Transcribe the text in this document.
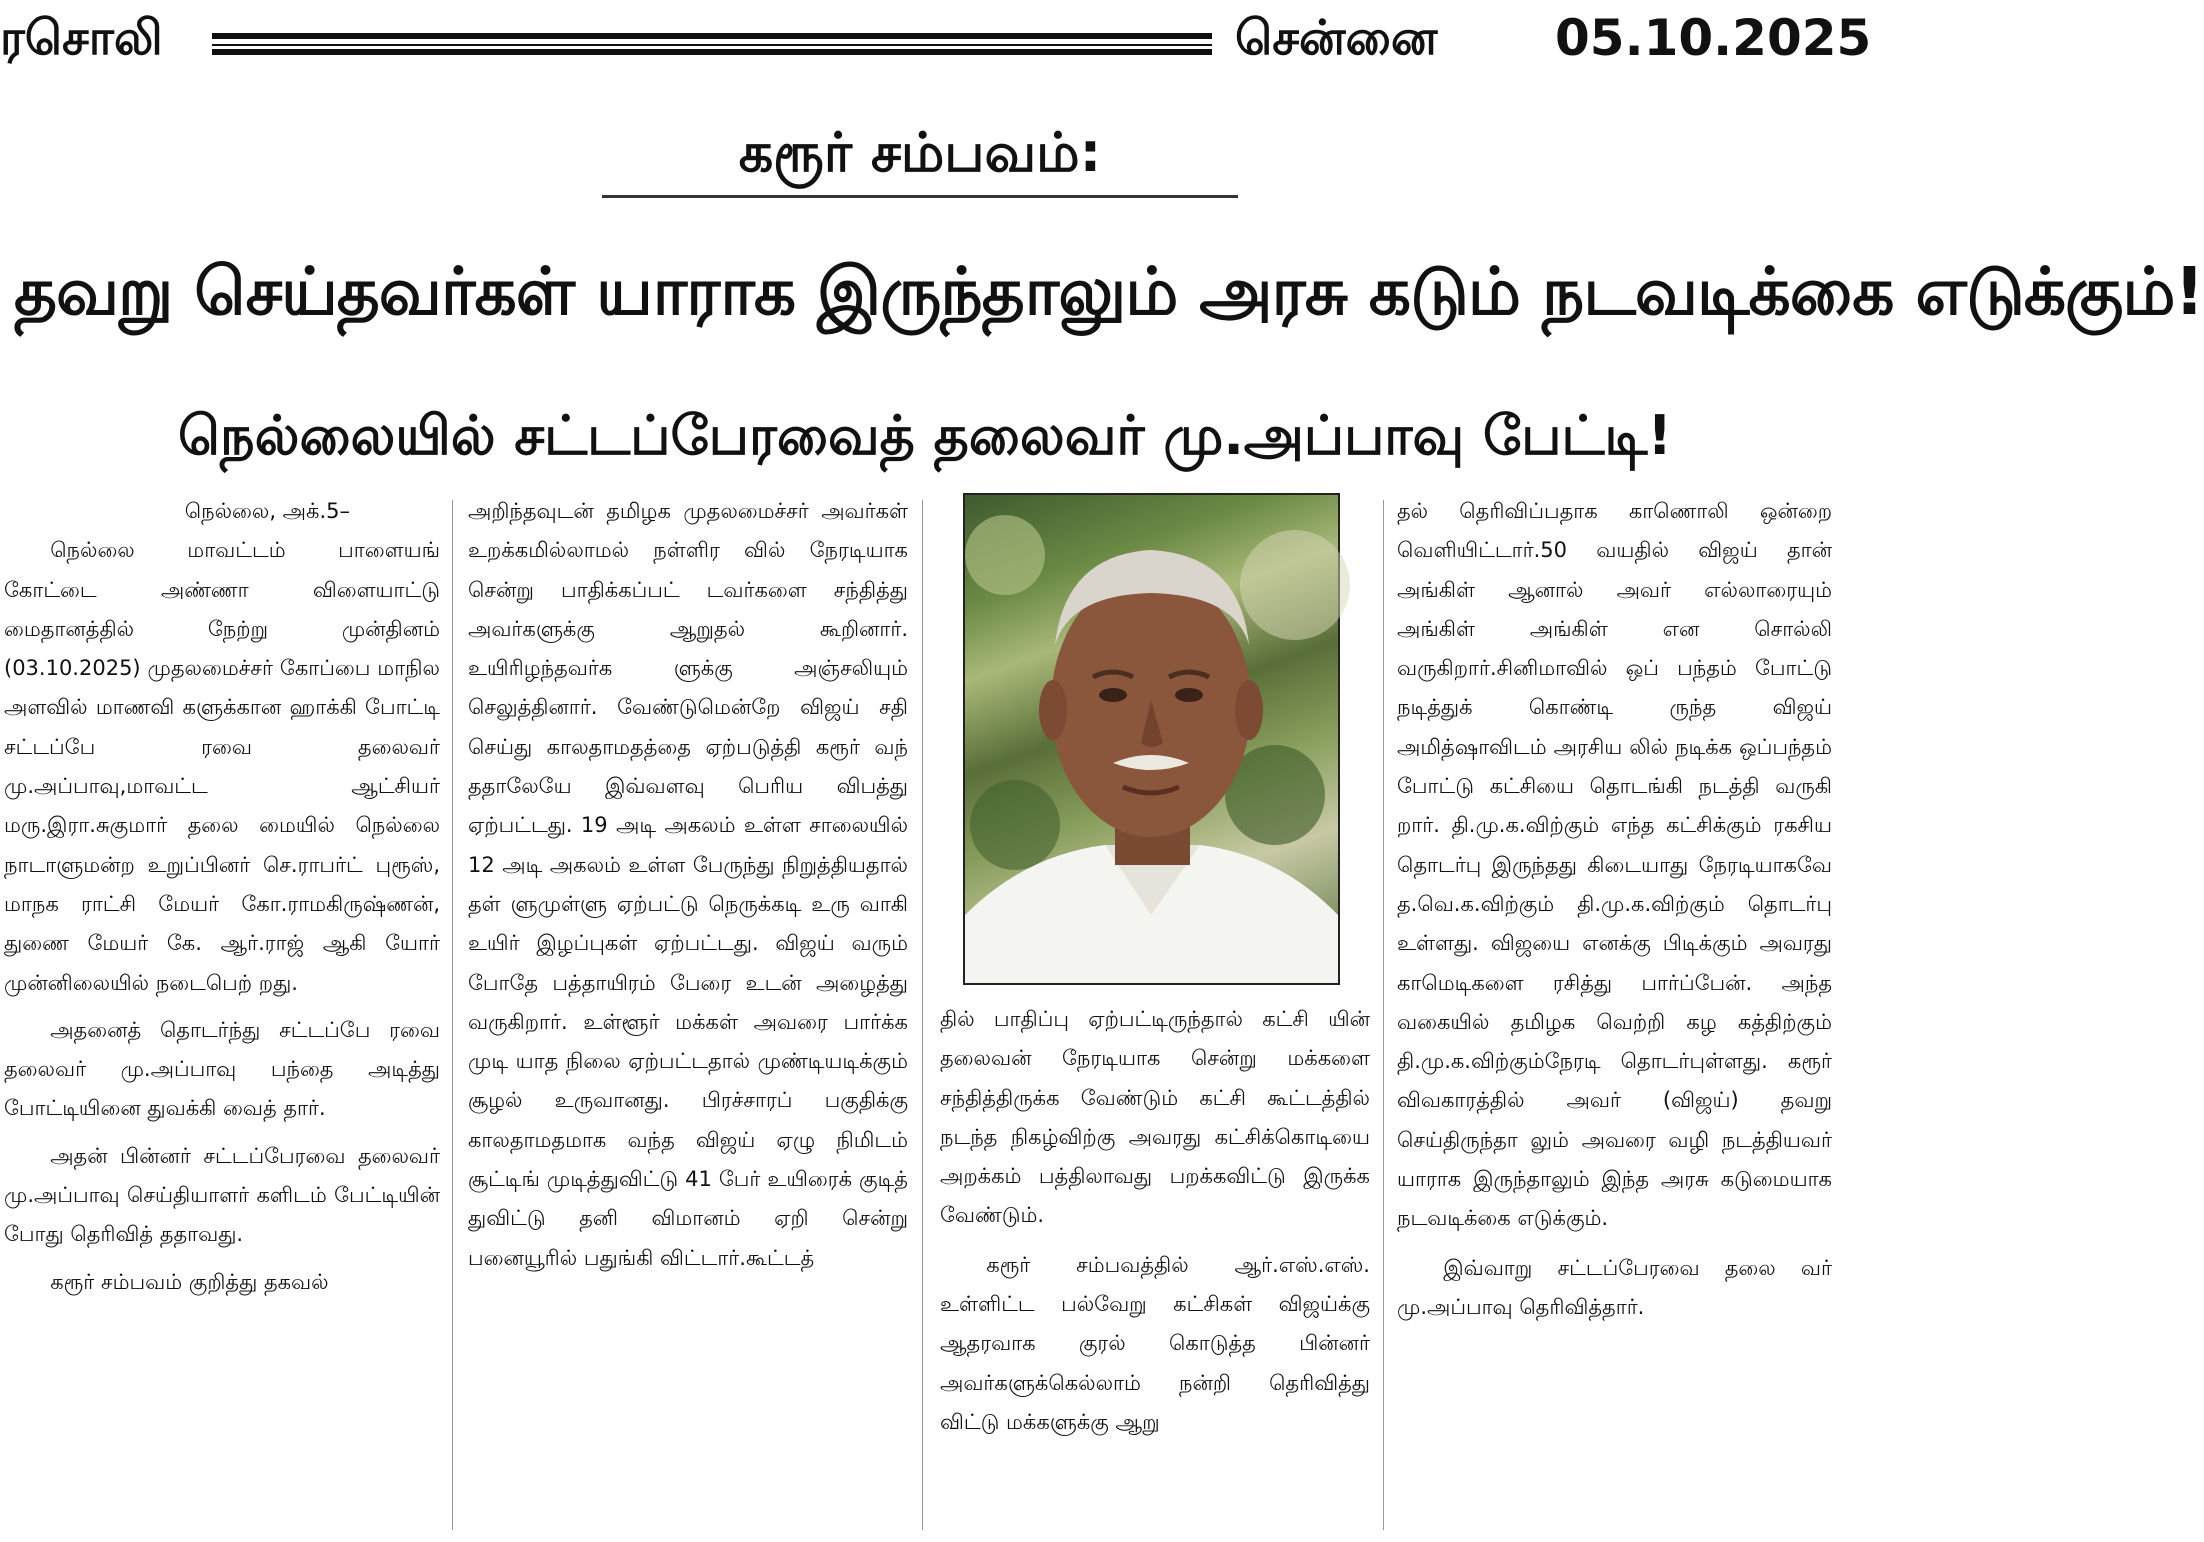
ரசொலி	சென்னை 05.10.2025
கரூர் சம்பவம்:
தவறு செய்தவர்கள் யாராக இருந்தாலும் அரசு கடும் நடவடிக்கை எடுக்கும்!
நெல்லையில் சட்டப்பேரவைத் தலைவர் மு.அப்பாவு பேட்டி!

நெல்லை, அக்.5–

நெல்லை மாவட்டம் பாளையங் கோட்டை அண்ணா விளையாட்டு மைதானத்தில் நேற்று முன்தினம் (03.10.2025) முதலமைச்சர் கோப்பை மாநில அளவில் மாணவி களுக்கான ஹாக்கி போட்டி சட்டப்பே ரவை தலைவர் மு.அப்பாவு,மாவட்ட ஆட்சியர் மரு.இரா.சுகுமார் தலை மையில் நெல்லை நாடாளுமன்ற உறுப்பினர் செ.ராபர்ட் புரூஸ், மாநக ராட்சி மேயர் கோ.ராமகிருஷ்ணன், துணை மேயர் கே. ஆர்.ராஜ் ஆகி யோர் முன்னிலையில் நடைபெற் றது.

அதனைத் தொடர்ந்து சட்டப்பே ரவை தலைவர் மு.அப்பாவு பந்தை அடித்து போட்டியினை துவக்கி வைத் தார்.

அதன் பின்னர் சட்டப்பேரவை தலைவர் மு.அப்பாவு செய்தியாளர் களிடம் பேட்டியின் போது தெரிவித் ததாவது.

கரூர் சம்பவம் குறித்து தகவல்

அறிந்தவுடன் தமிழக முதலமைச்சர் அவர்கள் உறக்கமில்லாமல் நள்ளிர வில் நேரடியாக சென்று பாதிக்கப்பட் டவர்களை சந்தித்து அவர்களுக்கு ஆறுதல் கூறினார். உயிரிழந்தவர்க ளுக்கு அஞ்சலியும் செலுத்தினார். வேண்டுமென்றே விஜய் சதி செய்து காலதாமதத்தை ஏற்படுத்தி கரூர் வந் ததாலேயே இவ்வளவு பெரிய விபத்து ஏற்பட்டது. 19 அடி அகலம் உள்ள சாலையில் 12 அடி அகலம் உள்ள பேருந்து நிறுத்தியதால் தள் ளுமுள்ளு ஏற்பட்டு நெருக்கடி உரு வாகி உயிர் இழப்புகள் ஏற்பட்டது. விஜய் வரும் போதே பத்தாயிரம் பேரை உடன் அழைத்து வருகிறார். உள்ளூர் மக்கள் அவரை பார்க்க முடி யாத நிலை ஏற்பட்டதால் முண்டியடிக்கும் சூழல் உருவானது. பிரச்சாரப் பகுதிக்கு காலதாமதமாக வந்த விஜய் ஏழு நிமிடம் சூட்டிங் முடித்துவிட்டு 41 பேர் உயிரைக் குடித் துவிட்டு தனி விமானம் ஏறி சென்று பனையூரில் பதுங்கி விட்டார்.கூட்டத்

தில் பாதிப்பு ஏற்பட்டிருந்தால் கட்சி யின் தலைவன் நேரடியாக சென்று மக்களை சந்தித்திருக்க வேண்டும் கட்சி கூட்டத்தில் நடந்த நிகழ்விற்கு அவரது கட்சிக்கொடியை அறக்கம் பத்திலாவது பறக்கவிட்டு இருக்க வேண்டும்.

கரூர் சம்பவத்தில் ஆர்.எஸ்.எஸ். உள்ளிட்ட பல்வேறு கட்சிகள் விஜய்க்கு ஆதரவாக குரல் கொடுத்த பின்னர் அவர்களுக்கெல்லாம் நன்றி தெரிவித்து விட்டு மக்களுக்கு ஆறு

தல் தெரிவிப்பதாக காணொலி ஒன்றை வெளியிட்டார்.50 வயதில் விஜய் தான் அங்கிள் ஆனால் அவர் எல்லாரையும் அங்கிள் அங்கிள் என சொல்லி வருகிறார்.சினிமாவில் ஒப் பந்தம் போட்டு நடித்துக் கொண்டி ருந்த விஜய் அமித்ஷாவிடம் அரசிய லில் நடிக்க ஒப்பந்தம் போட்டு கட்சியை தொடங்கி நடத்தி வருகி றார். தி.மு.க.விற்கும் எந்த கட்சிக்கும் ரகசிய தொடர்பு இருந்தது கிடையாது நேரடியாகவே த.வெ.க.விற்கும் தி.மு.க.விற்கும் தொடர்பு உள்ளது. விஜயை எனக்கு பிடிக்கும் அவரது காமெடிகளை ரசித்து பார்ப்பேன். அந்த வகையில் தமிழக வெற்றி கழ கத்திற்கும் தி.மு.க.விற்கும்நேரடி தொடர்புள்ளது. கரூர் விவகாரத்தில் அவர் (விஜய்) தவறு செய்திருந்தா லும் அவரை வழி நடத்தியவர் யாராக இருந்தாலும் இந்த அரசு கடுமையாக நடவடிக்கை எடுக்கும்.

இவ்வாறு சட்டப்பேரவை தலை வர் மு.அப்பாவு தெரிவித்தார்.
